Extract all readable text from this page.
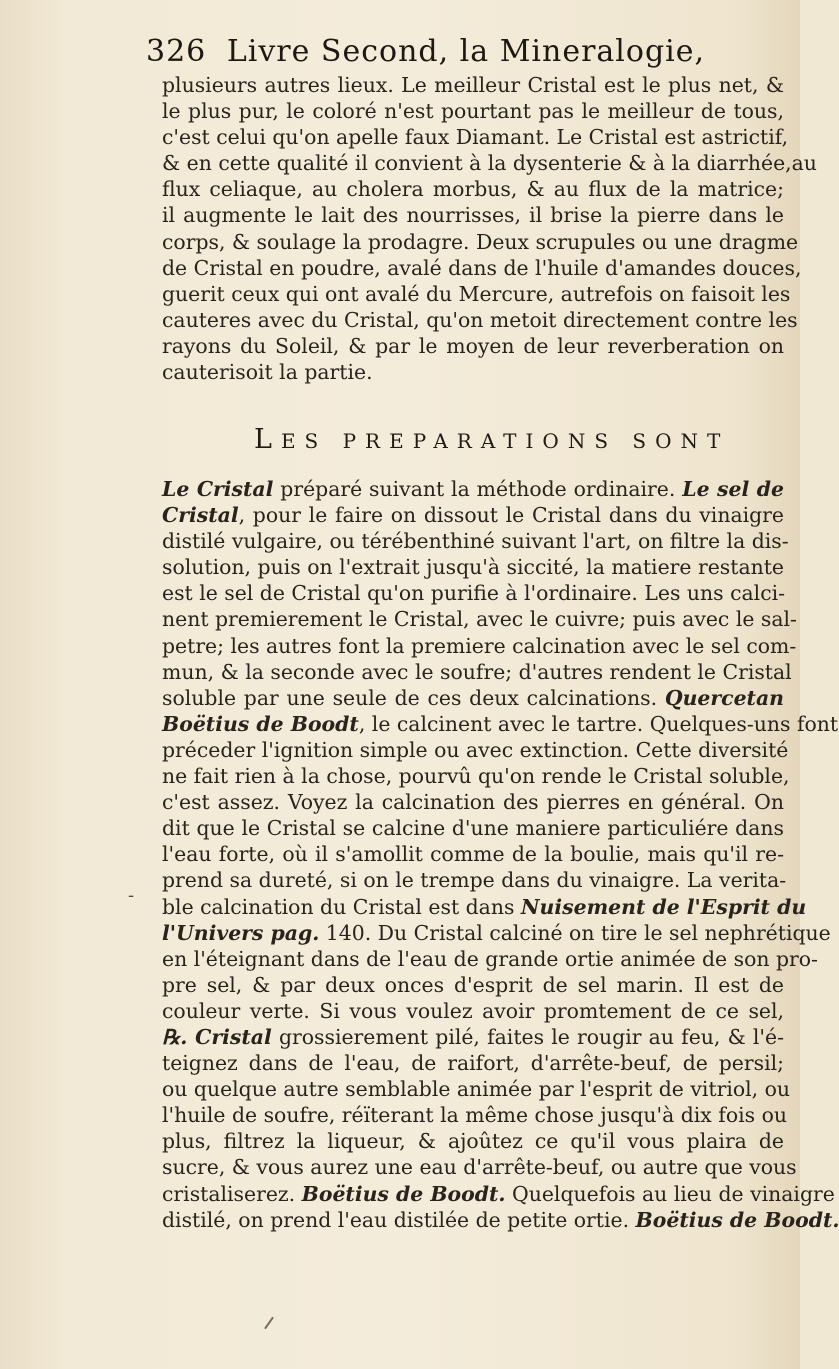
326 Livre Second, la Mineralogie,

plusieurs autres lieux. Le meilleur Cristal est le plus net, &

le plus pur, le coloré n'est pourtant pas le meilleur de tous,

c'est celui qu'on apelle faux Diamant. Le Cristal est astrictif,

& en cette qualité il convient à la dysenterie & à la diarrhée,au

flux celiaque, au cholera morbus, & au flux de la matrice;

il augmente le lait des nourrisses, il brise la pierre dans le

corps, & soulage la prodagre. Deux scrupules ou une dragme

de Cristal en poudre, avalé dans de l'huile d'amandes douces,

guerit ceux qui ont avalé du Mercure, autrefois on faisoit les

cauteres avec du Cristal, qu'on metoit directement contre les

rayons du Soleil, & par le moyen de leur reverberation on

cauterisoit la partie.

LES PREPARATIONS SONT

Le Cristal préparé suivant la méthode ordinaire. Le sel de

Cristal, pour le faire on dissout le Cristal dans du vinaigre

distilé vulgaire, ou térébenthiné suivant l'art, on filtre la dis-

solution, puis on l'extrait jusqu'à siccité, la matiere restante

est le sel de Cristal qu'on purifie à l'ordinaire. Les uns calci-

nent premierement le Cristal, avec le cuivre; puis avec le sal-

petre; les autres font la premiere calcination avec le sel com-

mun, & la seconde avec le soufre; d'autres rendent le Cristal

soluble par une seule de ces deux calcinations. Quercetan

Boëtius de Boodt, le calcinent avec le tartre. Quelques-uns font

préceder l'ignition simple ou avec extinction. Cette diversité

ne fait rien à la chose, pourvû qu'on rende le Cristal soluble,

c'est assez. Voyez la calcination des pierres en général. On

dit que le Cristal se calcine d'une maniere particuliére dans

l'eau forte, où il s'amollit comme de la boulie, mais qu'il re-

prend sa dureté, si on le trempe dans du vinaigre. La verita-

ble calcination du Cristal est dans Nuisement de l'Esprit du

l'Univers pag. 140. Du Cristal calciné on tire le sel nephrétique

en l'éteignant dans de l'eau de grande ortie animée de son pro-

pre sel, & par deux onces d'esprit de sel marin. Il est de

couleur verte. Si vous voulez avoir promtement de ce sel,

℞. Cristal grossierement pilé, faites le rougir au feu, & l'é-

teignez dans de l'eau, de raifort, d'arrête-beuf, de persil;

ou quelque autre semblable animée par l'esprit de vitriol, ou

l'huile de soufre, réïterant la même chose jusqu'à dix fois ou

plus, filtrez la liqueur, & ajoûtez ce qu'il vous plaira de

sucre, & vous aurez une eau d'arrête-beuf, ou autre que vous

cristaliserez. Boëtius de Boodt. Quelquefois au lieu de vinaigre

distilé, on prend l'eau distilée de petite ortie. Boëtius de Boodt.

-
